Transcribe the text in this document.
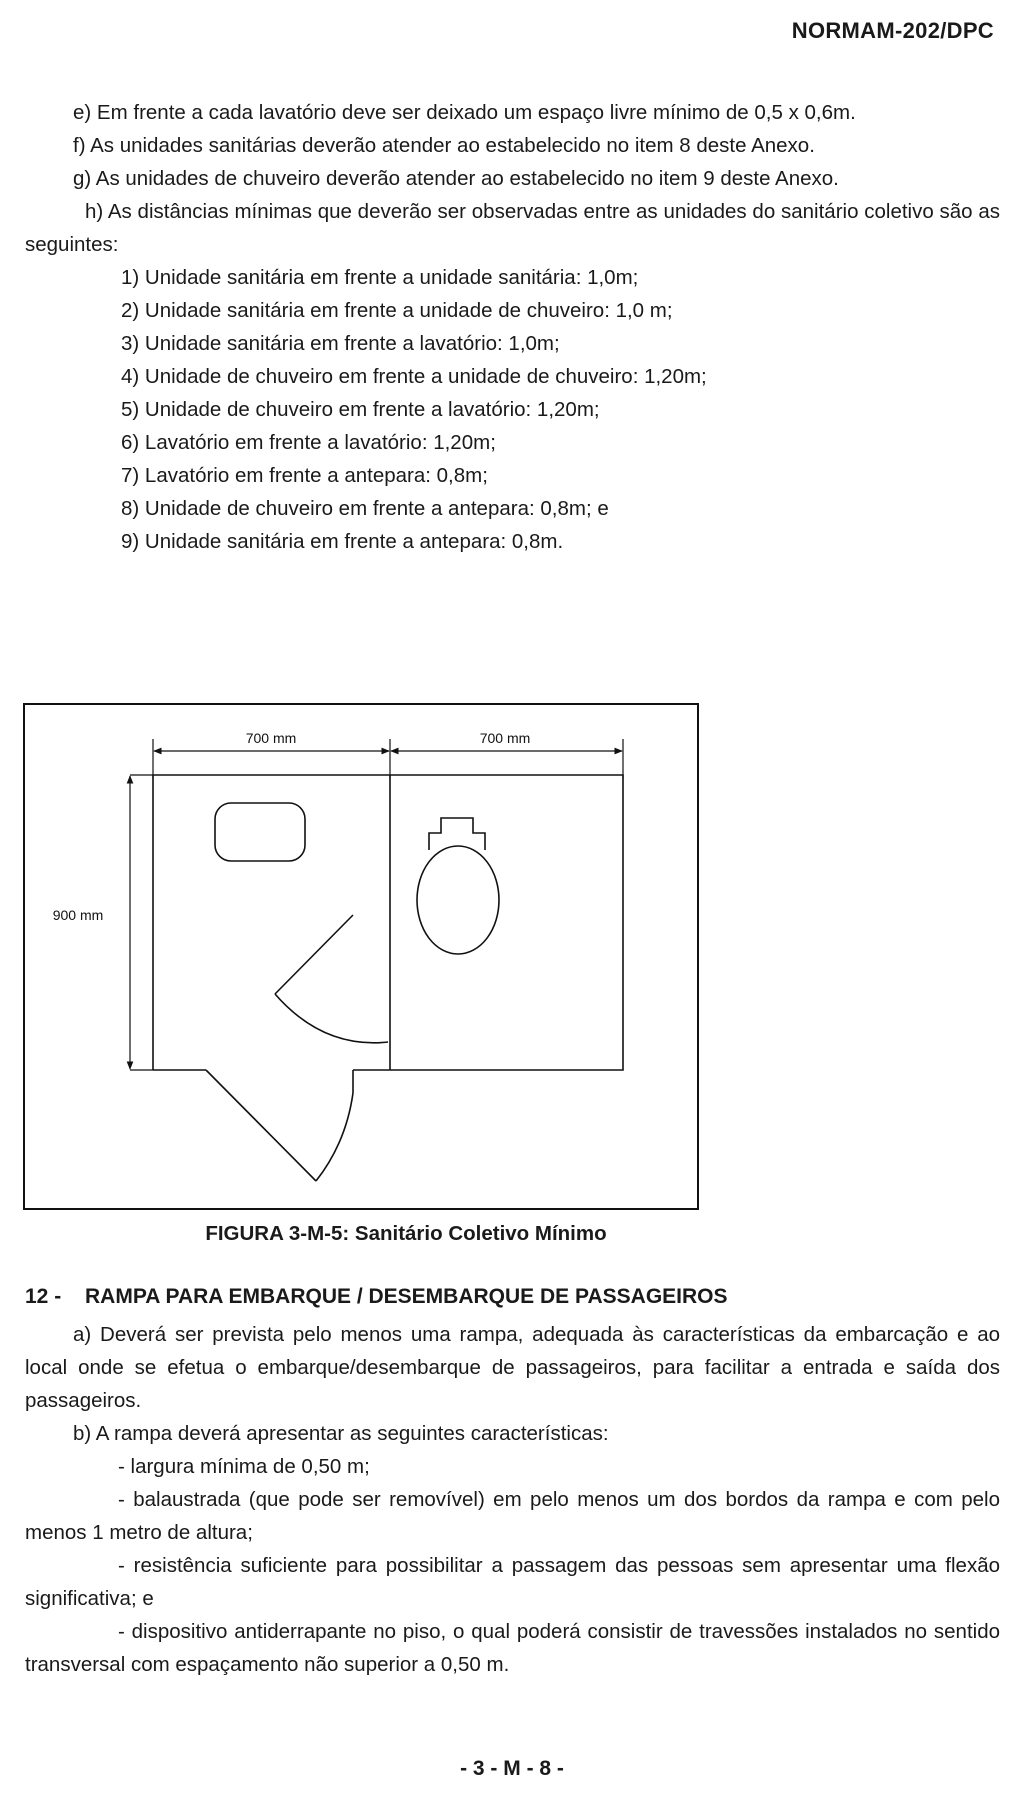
NORMAM-202/DPC

e) Em frente a cada lavatório deve ser deixado um espaço livre mínimo de 0,5 x 0,6m.

f) As unidades sanitárias deverão atender ao estabelecido no item 8 deste Anexo.

g) As unidades de chuveiro deverão atender ao estabelecido no item 9 deste Anexo.

h) As distâncias mínimas que deverão ser observadas entre as unidades do sanitário coletivo são as seguintes:

1) Unidade sanitária em frente a unidade sanitária: 1,0m;

2) Unidade sanitária em frente a unidade de chuveiro: 1,0 m;

3) Unidade sanitária em frente a lavatório: 1,0m;

4) Unidade de chuveiro em frente a unidade de chuveiro: 1,20m;

5) Unidade de chuveiro em frente a lavatório: 1,20m;

6) Lavatório em frente a lavatório: 1,20m;

7) Lavatório em frente a antepara: 0,8m;

8) Unidade de chuveiro em frente a antepara: 0,8m; e

9) Unidade sanitária em frente a antepara: 0,8m.

700 mm	700 mm
900 mm
FIGURA 3-M-5: Sanitário Coletivo Mínimo
12 - RAMPA PARA EMBARQUE / DESEMBARQUE DE PASSAGEIROS

a) Deverá ser prevista pelo menos uma rampa, adequada às características da embarcação e ao local onde se efetua o embarque/desembarque de passageiros, para facilitar a entrada e saída dos passageiros.

b) A rampa deverá apresentar as seguintes características:

- largura mínima de 0,50 m;

- balaustrada (que pode ser removível) em pelo menos um dos bordos da rampa e com pelo menos 1 metro de altura;

- resistência suficiente para possibilitar a passagem das pessoas sem apresentar uma flexão significativa; e

- dispositivo antiderrapante no piso, o qual poderá consistir de travessões instalados no sentido transversal com espaçamento não superior a 0,50 m.

- 3 - M - 8 -
